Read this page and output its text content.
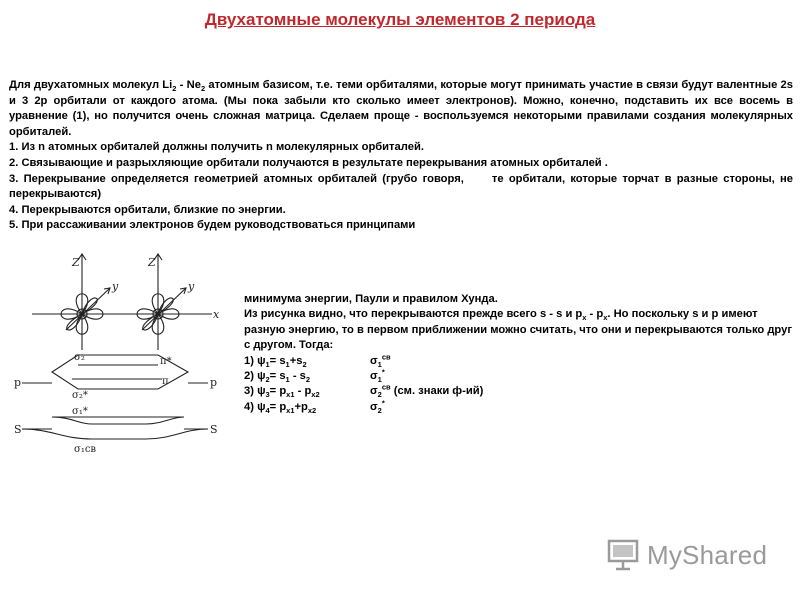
Двухатомные молекулы элементов 2 периода

Для двухатомных молекул $Li_2 - Ne_2$ атомным базисом, т.е. теми орбиталями, которые могут принимать участие в связи будут валентные 2s и 3 2p орбитали от каждого атома. (Мы пока забыли кто сколько имеет электронов). Можно, конечно, подставить их все восемь в уравнение (1), но получится очень сложная матрица. Сделаем проще - воспользуемся некоторыми правилами создания молекулярных орбиталей.

1. Из n атомных орбиталей должны получить n молекулярных орбиталей.

2. Связывающие и разрыхляющие орбитали получаются в результате перекрывания атомных орбиталей .

3. Перекрывание определяется геометрией атомных орбиталей (грубо говоря,	те орбитали, которые торчат в разные стороны, не перекрываются)

4. Перекрываются орбитали, близкие по энергии.

5. При рассаживании электронов будем руководствоваться принципами

Z	Z
y	y
x
p	p
S	S
σ₂	π*
π
σ₂*
σ₁*
σ₁св

минимума энергии, Паули и правилом Хунда.

Из рисунка видно, что перекрываются прежде всего s - s и $p_x - p_x$. Но поскольку s и р имеют разную энергию, то в первом приближении можно считать, что они и перекрываются только друг с другом. Тогда:

1) $\psi_1= s_1+s_2$	$\sigma_1^{св}$
2) $\psi_2= s_1 - s_2$	$\sigma_1^*$
3) $\psi_3= p_{x1} - p_{x2}$	$\sigma_2^{св}$ (см. знаки ф-ий)
4) $\psi_4= p_{x1}+p_{x2}$	$\sigma_2^*$
MyShared
